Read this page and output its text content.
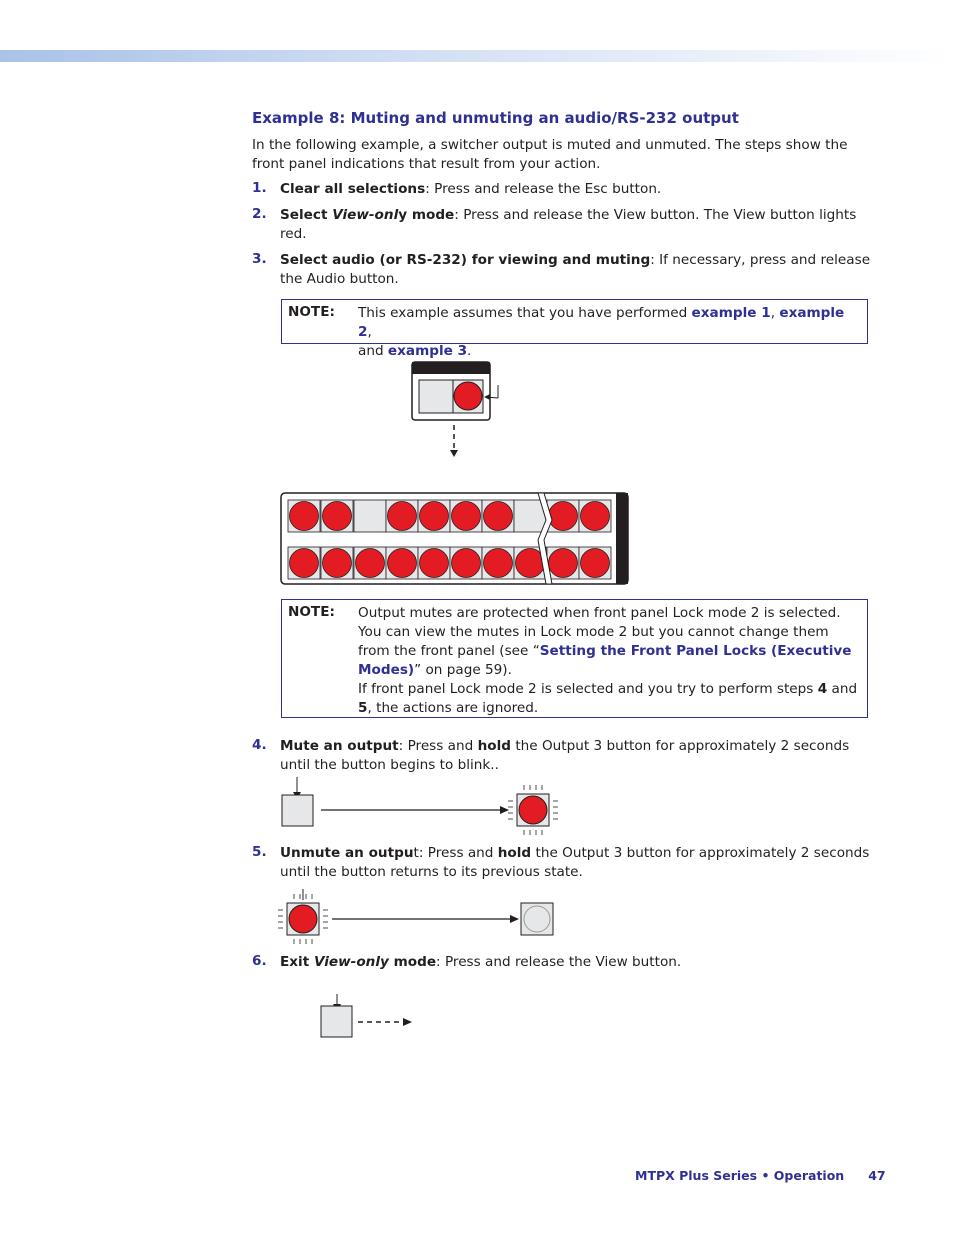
Example 8: Muting and unmuting an audio/RS-232 output
In the following example, a switcher output is muted and unmuted. The steps show the front panel indications that result from your action.
1. Clear all selections: Press and release the Esc button.
2. Select View-only mode: Press and release the View button. The View button lights red.
3. Select audio (or RS-232) for viewing and muting: If necessary, press and release the Audio button.
NOTE: This example assumes that you have performed example 1, example 2,
and example 3.
NOTE: Output mutes are protected when front panel Lock mode 2 is selected. You can view the mutes in Lock mode 2 but you cannot change them from the front panel (see “Setting the Front Panel Locks (Executive Modes)” on page 59).
If front panel Lock mode 2 is selected and you try to perform steps 4 and 5, the actions are ignored.
4. Mute an output: Press and hold the Output 3 button for approximately 2 seconds until the button begins to blink..
5. Unmute an output: Press and hold the Output 3 button for approximately 2 seconds until the button returns to its previous state.
6. Exit View-only mode: Press and release the View button.
MTPX Plus Series • Operation 47
